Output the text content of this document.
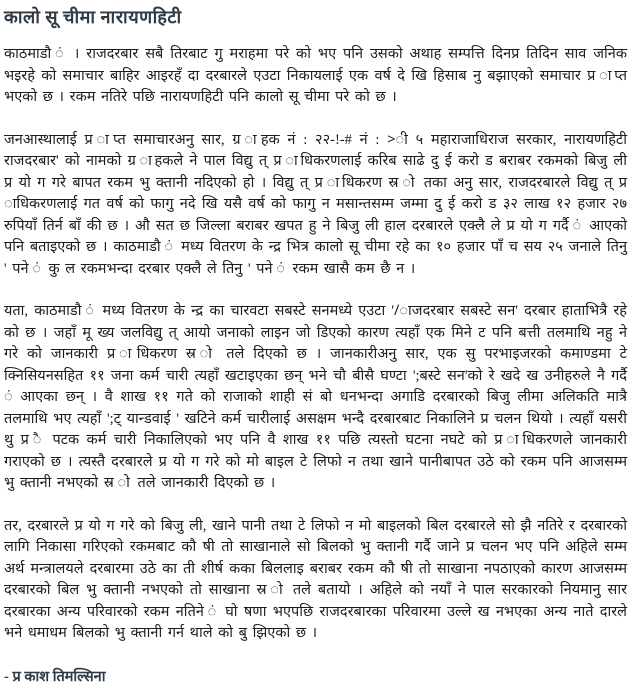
कालो सू चीमा नारायणहिटी

काठमाडौ ं । राजदरबार सबै तिरबाट गु मराहमा परे को भए पनि उसको अथाह सम्पत्ति दिनप्र तिदिन साव जनिक भइरहे को समाचार बाहिर आइरहँ दा दरबारले एउटा निकायलाई एक वर्ष दे खि हिसाब नु बझाएको समाचार प्र ाप्त भएको छ । रकम नतिरे पछि नारायणहिटी पनि कालो सू चीमा परे को छ ।

जनआस्थालाई प्र ाप्त समाचारअनु सार, ग्र ाहक नं : २२-!-# नं : >ी ५ महाराजाधिराज सरकार, नारायणहिटी राजदरबार' को नामको ग्र ाहकले ने पाल विद्यु त् प्र ाधिकरणलाई करिब साढे दु ई करो ड बराबर रकमको बिजु ली प्र यो ग गरे बापत रकम भु क्तानी नदिएको हो । विद्यु त् प्र ाधिकरण स्र ो तका अनु सार, राजदरबारले विद्यु त् प्र ाधिकरणलाई गत वर्ष को फागु नदे खि यसै वर्ष को फागु न मसान्तसम्म जम्मा दु ई करो ड ३२ लाख १२ हजार २७ रुपियाँ तिर्न बाँ की छ । औ सत छ जिल्ला बराबर खपत हु ने बिजु ली हाल दरबारले एक्लै ले प्र यो ग गर्दै ं आएको पनि बताइएको छ । काठमाडौ ं मध्य वितरण के न्द्र भित्र कालो सू चीमा रहे का १० हजार पाँ च सय २५ जनाले तिनु ' पने ं कु ल रकमभन्दा दरबार एक्लै ले तिनु ' पने ं रकम खासै कम छै न ।

यता, काठमाडौ ं मध्य वितरण के न्द्र का चारवटा सबस्टे सनमध्ये एउटा '/ाजदरबार सबस्टे सन' दरबार हाताभित्रै रहे को छ । जहाँ मू ख्य जलविद्यु त् आयो जनाको लाइन जो डिएको कारण त्यहाँ एक मिने ट पनि बत्ती तलमाथि नहु ने गरे को जानकारी प्र ाधिकरण स्र ो तले दिएको छ । जानकारीअनु सार, एक सु परभाइजरको कमाण्डमा टे क्निसियनसहित ११ जना कर्म चारी त्यहाँ खटाइएका छन् भने चौ बीसै घण्टा ';बस्टे सन'को रे खदे ख उनीहरुले नै गर्दै ं आएका छन् । वै शाख ११ गते को राजाको शाही सं बो धनभन्दा अगाडि दरबारको बिजु लीमा अलिकति मात्रै तलमाथि भए त्यहाँ ';ट् यान्डवाई ' खटिने कर्म चारीलाई असक्षम भन्दै दरबारबाट निकालिने प्र चलन थियो । त्यहाँ यसरी थु प्र ै पटक कर्म चारी निकालिएको भए पनि वै शाख ११ पछि त्यस्तो घटना नघटे को प्र ाधिकरणले जानकारी गराएको छ । त्यस्तै दरबारले प्र यो ग गरे को मो बाइल टे लिफो न तथा खाने पानीबापत उठे को रकम पनि आजसम्म भु क्तानी नभएको स्र ो तले जानकारी दिएको छ ।

तर, दरबारले प्र यो ग गरे को बिजु ली, खाने पानी तथा टे लिफो न मो बाइलको बिल दरबारले सो झै नतिरे र दरबारको लागि निकासा गरिएको रकमबाट कौ षी तो साखानाले सो बिलको भु क्तानी गर्दै जाने प्र चलन भए पनि अहिले सम्म अर्थ मन्त्रालयले दरबारमा उठे का ती शीर्ष कका बिललाइ बराबर रकम कौ षी तो साखाना नपठाएको कारण आजसम्म दरबारको बिल भु क्तानी नभएको तो साखाना स्र ो तले बतायो । अहिले को नयाँ ने पाल सरकारको नियमानु सार दरबारका अन्य परिवारको रकम नतिने ं घो षणा भएपछि राजदरबारका परिवारमा उल्ले ख नभएका अन्य नाते दारले भने धमाधम बिलको भु क्तानी गर्न थाले को बु झिएको छ ।

- प्र काश तिमल्सिना
